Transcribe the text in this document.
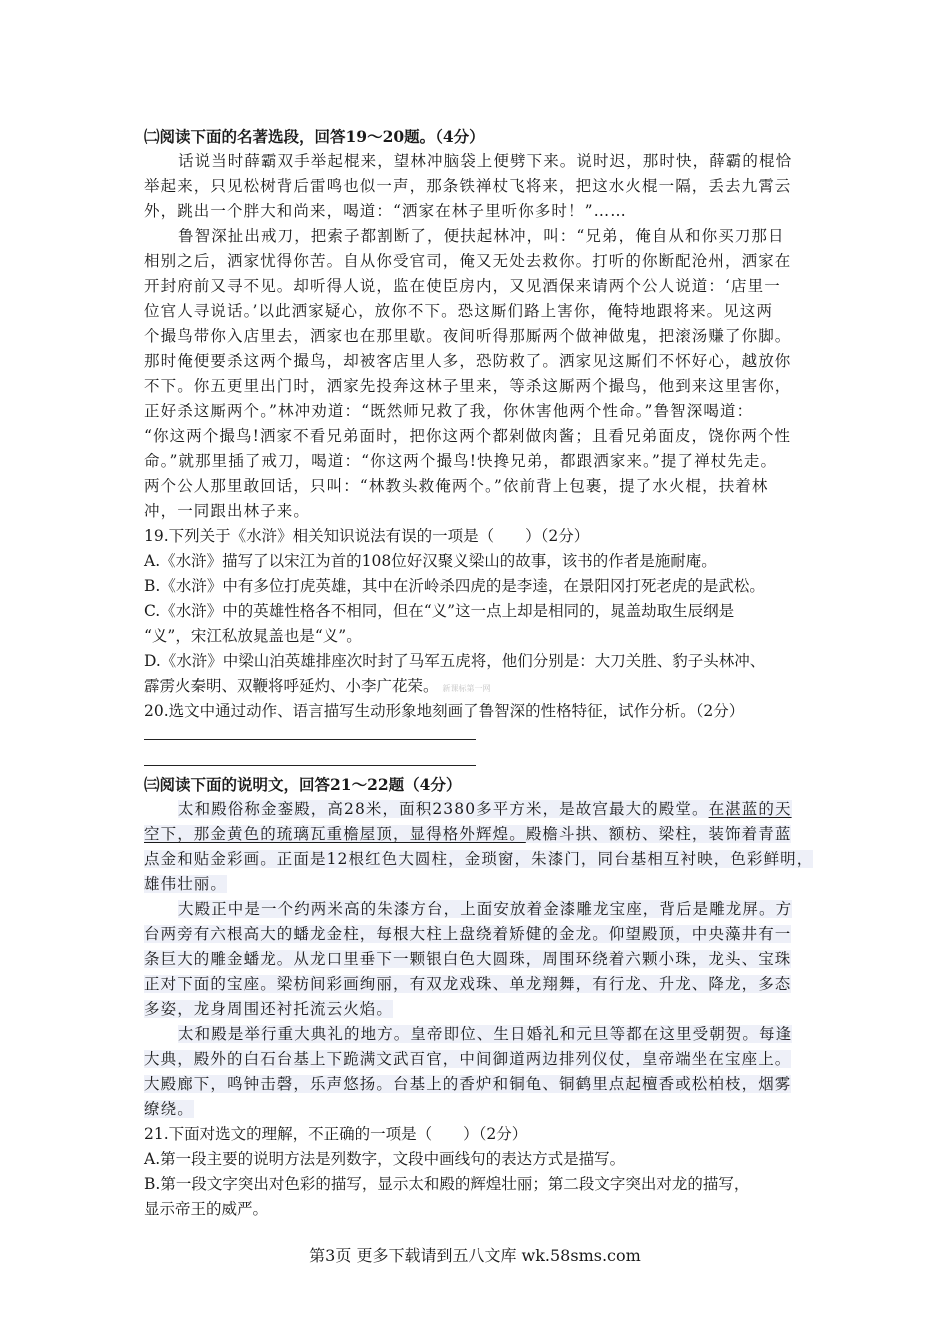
㈡阅读下面的名著选段，回答19～20题。（4分）
话说当时薛霸双手举起棍来，望林冲脑袋上便劈下来。说时迟，那时快，薛霸的棍恰
举起来，只见松树背后雷鸣也似一声，那条铁禅杖飞将来，把这水火棍一隔，丢去九霄云
外，跳出一个胖大和尚来，喝道：“洒家在林子里听你多时！”……
鲁智深扯出戒刀，把索子都割断了，便扶起林冲，叫：“兄弟，俺自从和你买刀那日
相别之后，洒家忧得你苦。自从你受官司，俺又无处去救你。打听的你断配沧州，洒家在
开封府前又寻不见。却听得人说，监在使臣房内，又见酒保来请两个公人说道：‘店里一
位官人寻说话。’以此洒家疑心，放你不下。恐这厮们路上害你，俺特地跟将来。见这两
个撮鸟带你入店里去，洒家也在那里歇。夜间听得那厮两个做神做鬼，把滚汤赚了你脚。
那时俺便要杀这两个撮鸟，却被客店里人多，恐防救了。洒家见这厮们不怀好心，越放你
不下。你五更里出门时，洒家先投奔这林子里来，等杀这厮两个撮鸟，他到来这里害你，
正好杀这厮两个。”林冲劝道：“既然师兄救了我，你休害他两个性命。”鲁智深喝道：
“你这两个撮鸟!洒家不看兄弟面时，把你这两个都剁做肉酱；且看兄弟面皮，饶你两个性
命。”就那里插了戒刀，喝道：“你这两个撮鸟!快搀兄弟，都跟洒家来。”提了禅杖先走。
两个公人那里敢回话，只叫：“林教头救俺两个。”依前背上包裹，提了水火棍，扶着林
冲，一同跟出林子来。
19.下列关于《水浒》相关知识说法有误的一项是（　　）（2分）
A.《水浒》描写了以宋江为首的108位好汉聚义梁山的故事，该书的作者是施耐庵。
B.《水浒》中有多位打虎英雄，其中在沂岭杀四虎的是李逵，在景阳冈打死老虎的是武松。
C.《水浒》中的英雄性格各不相同，但在“义”这一点上却是相同的，晁盖劫取生辰纲是
“义”，宋江私放晁盖也是“义”。
D.《水浒》中梁山泊英雄排座次时封了马军五虎将，他们分别是：大刀关胜、豹子头林冲、
霹雳火秦明、双鞭将呼延灼、小李广花荣。 新课标第一网
20.选文中通过动作、语言描写生动形象地刻画了鲁智深的性格特征，试作分析。（2分）
㈢阅读下面的说明文，回答21～22题（4分）
太和殿俗称金銮殿，高28米，面积2380多平方米，是故宫最大的殿堂。在湛蓝的天
空下，那金黄色的琉璃瓦重檐屋顶，显得格外辉煌。殿檐斗拱、额枋、梁柱，装饰着青蓝
点金和贴金彩画。正面是12根红色大圆柱，金琐窗，朱漆门，同台基相互衬映，色彩鲜明，
雄伟壮丽。
大殿正中是一个约两米高的朱漆方台，上面安放着金漆雕龙宝座，背后是雕龙屏。方
台两旁有六根高大的蟠龙金柱，每根大柱上盘绕着矫健的金龙。仰望殿顶，中央藻井有一
条巨大的雕金蟠龙。从龙口里垂下一颗银白色大圆珠，周围环绕着六颗小珠，龙头、宝珠
正对下面的宝座。梁枋间彩画绚丽，有双龙戏珠、单龙翔舞，有行龙、升龙、降龙，多态
多姿，龙身周围还衬托流云火焰。
太和殿是举行重大典礼的地方。皇帝即位、生日婚礼和元旦等都在这里受朝贺。每逢
大典，殿外的白石台基上下跪满文武百官，中间御道两边排列仪仗，皇帝端坐在宝座上。
大殿廊下，鸣钟击磬，乐声悠扬。台基上的香炉和铜龟、铜鹤里点起檀香或松柏枝，烟雾
缭绕。
21.下面对选文的理解，不正确的一项是（　　）（2分）
A.第一段主要的说明方法是列数字，文段中画线句的表达方式是描写。
B.第一段文字突出对色彩的描写，显示太和殿的辉煌壮丽；第二段文字突出对龙的描写，
显示帝王的威严。
第3页 更多下载请到五八文库 wk.58sms.com
